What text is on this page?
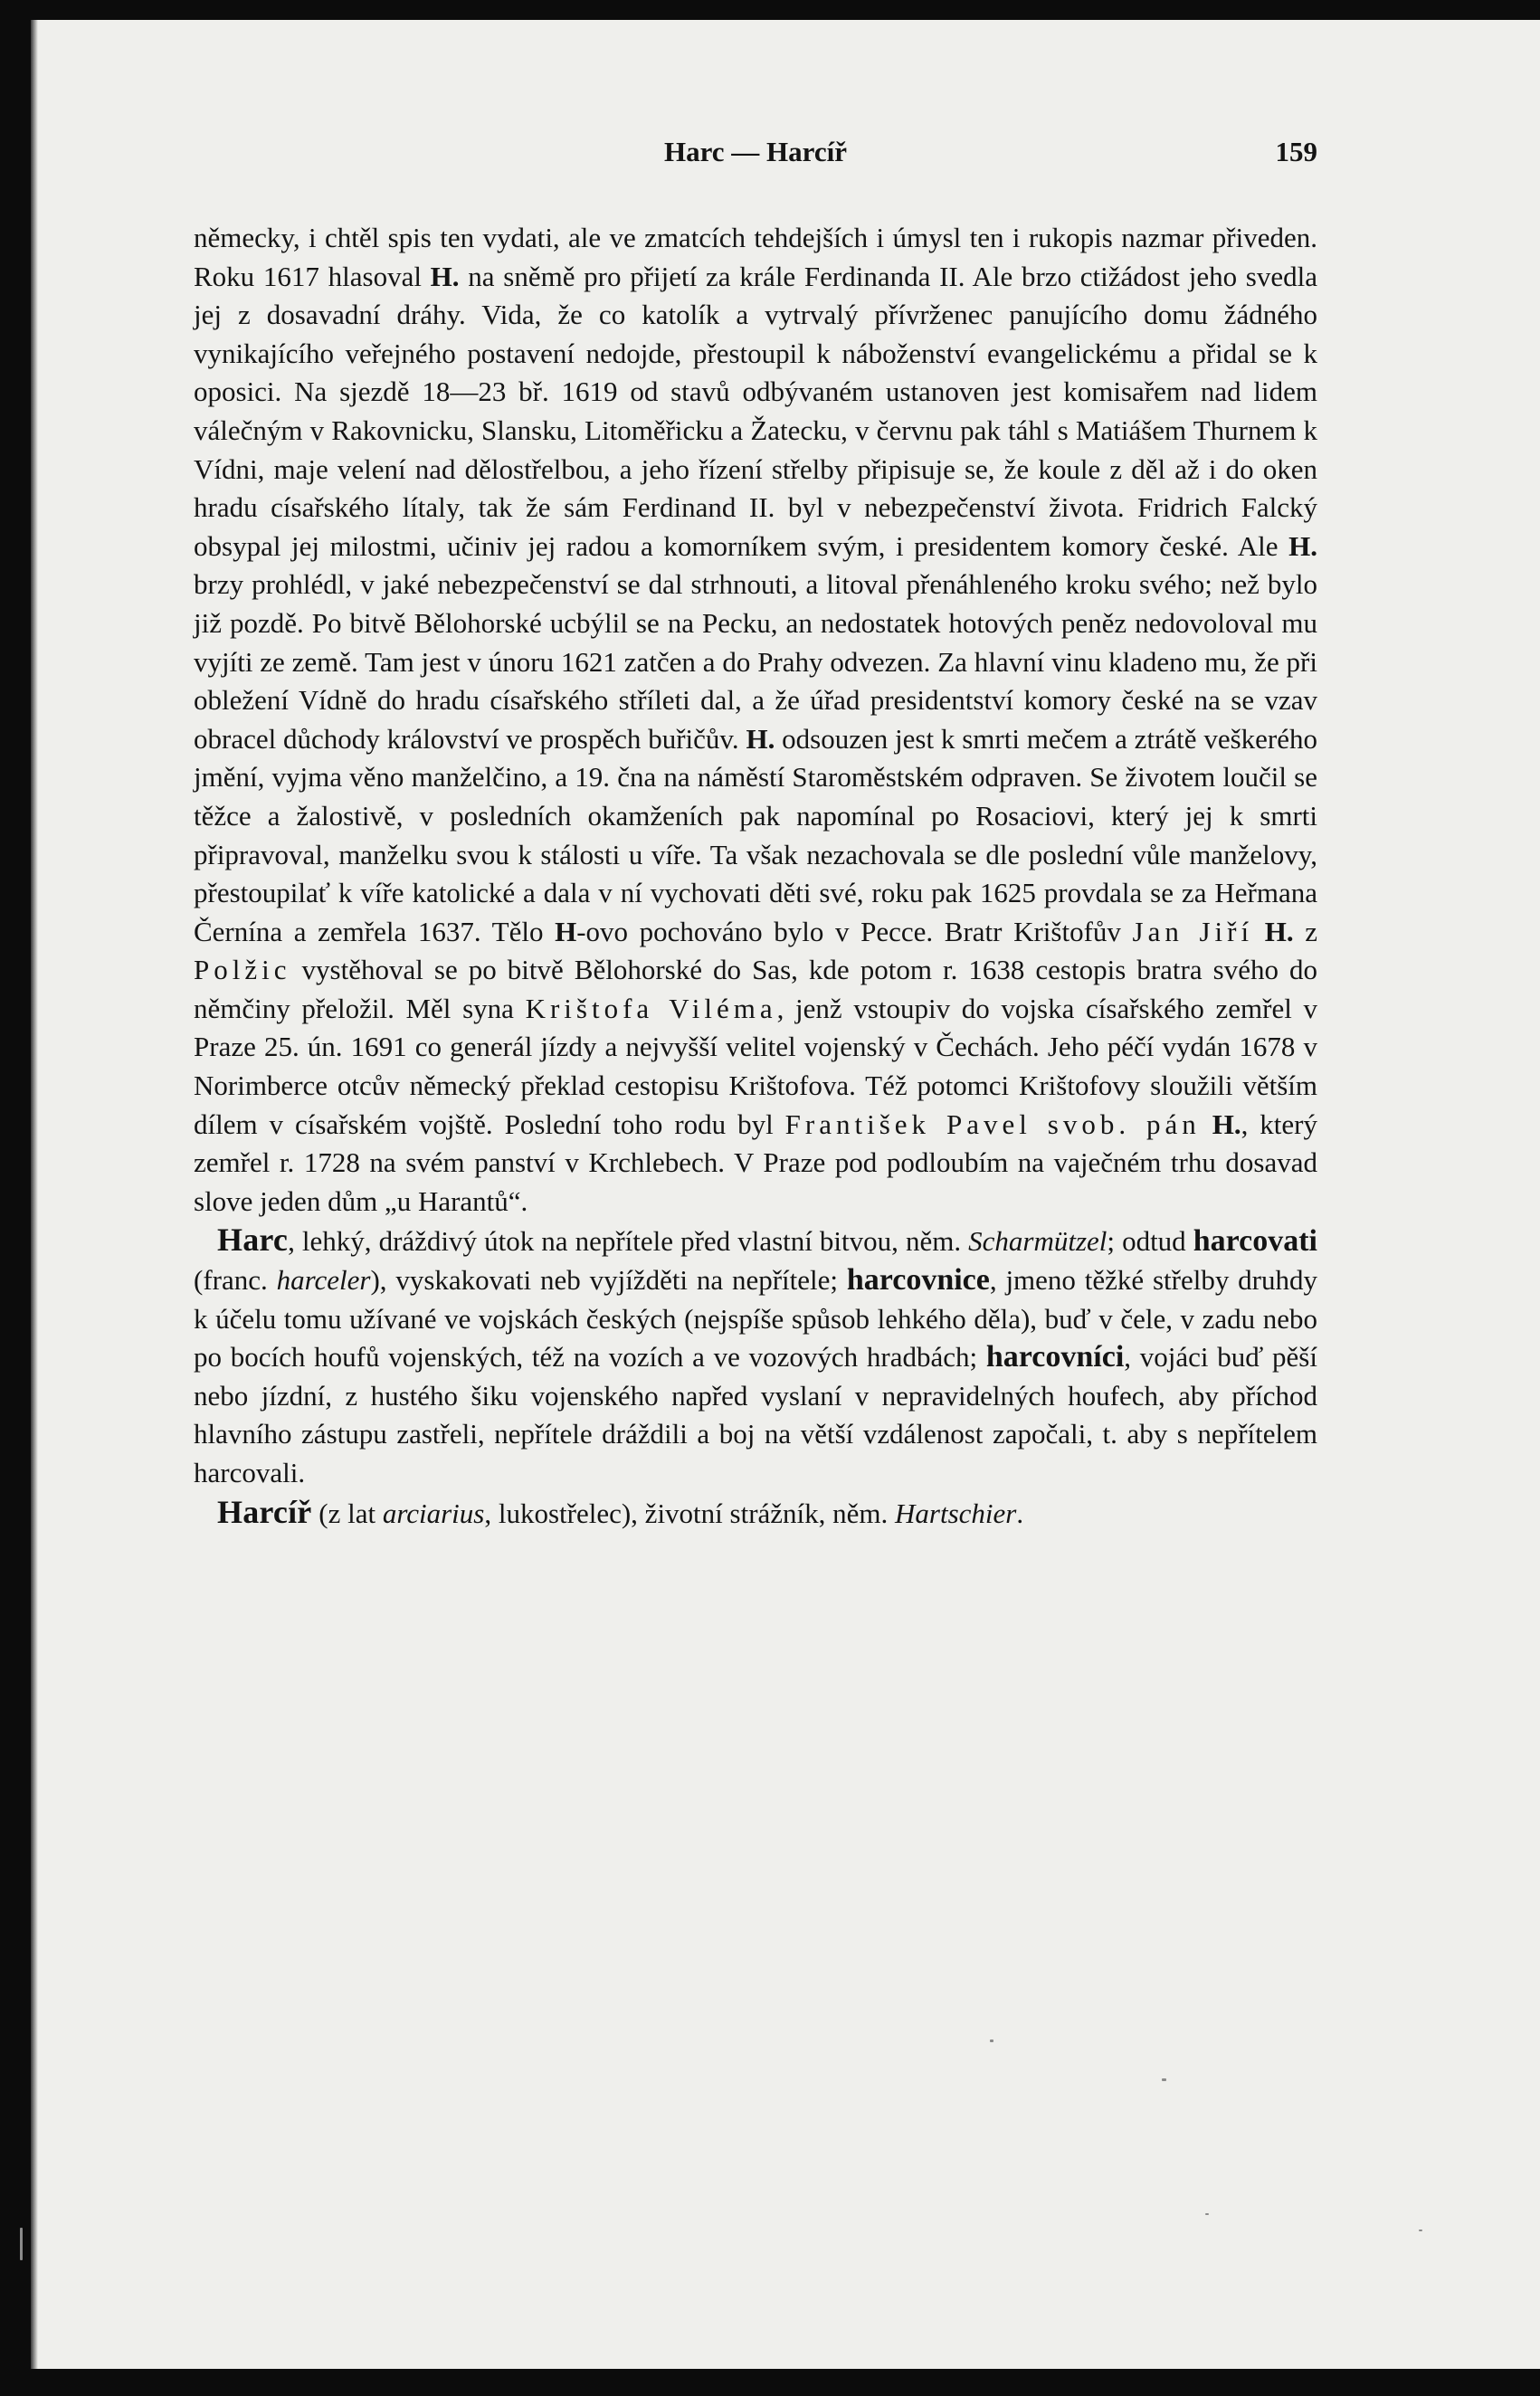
Harc — Harcíř	159

německy, i chtěl spis ten vydati, ale ve zmatcích tehdejších i úmysl ten i rukopis nazmar přiveden. Roku 1617 hlasoval H. na sněmě pro přijetí za krále Ferdinanda II. Ale brzo ctižádost jeho svedla jej z dosavadní dráhy. Vida, že co katolík a vytrvalý přívrženec panujícího domu žádného vynikajícího veřejného postavení nedojde, přestoupil k náboženství evangelickému a přidal se k oposici. Na sjezdě 18—23 bř. 1619 od stavů odbývaném ustanoven jest komisařem nad lidem válečným v Rakovnicku, Slansku, Litoměřicku a Žatecku, v červnu pak táhl s Matiášem Thurnem k Vídni, maje velení nad dělostřelbou, a jeho řízení střelby připisuje se, že koule z děl až i do oken hradu císařského lítaly, tak že sám Ferdinand II. byl v nebezpečenství života. Fridrich Falcký obsypal jej milostmi, učiniv jej radou a komorníkem svým, i presidentem komory české. Ale H. brzy prohlédl, v jaké nebezpečenství se dal strhnouti, a litoval přenáhleného kroku svého; než bylo již pozdě. Po bitvě Bělohorské ucbýlil se na Pecku, an nedostatek hotových peněz nedovoloval mu vyjíti ze země. Tam jest v únoru 1621 zatčen a do Prahy odvezen. Za hlavní vinu kladeno mu, že při obležení Vídně do hradu císařského stříleti dal, a že úřad presidentství komory české na se vzav obracel důchody království ve prospěch buřičův. H. odsouzen jest k smrti mečem a ztrátě veškerého jmění, vyjma věno manželčino, a 19. čna na náměstí Staroměstském odpraven. Se životem loučil se těžce a žalostivě, v posledních okamženích pak napomínal po Rosaciovi, který jej k smrti připravoval, manželku svou k stálosti u víře. Ta však nezachovala se dle poslední vůle manželovy, přestoupilať k víře katolické a dala v ní vychovati děti své, roku pak 1625 provdala se za Heřmana Černína a zemřela 1637. Tělo H-ovo pochováno bylo v Pecce. Bratr Krištofův Jan Jiří H. z Polžic vystěhoval se po bitvě Bělohorské do Sas, kde potom r. 1638 cestopis bratra svého do němčiny přeložil. Měl syna Krištofa Viléma, jenž vstoupiv do vojska císařského zemřel v Praze 25. ún. 1691 co generál jízdy a nejvyšší velitel vojenský v Čechách. Jeho péčí vydán 1678 v Norimberce otcův německý překlad cestopisu Krištofova. Též potomci Krištofovy sloužili větším dílem v císařském vojště. Poslední toho rodu byl František Pavel svob. pán H., který zemřel r. 1728 na svém panství v Krchlebech. V Praze pod podloubím na vaječném trhu dosavad slove jeden dům „u Harantů“.

Harc, lehký, dráždivý útok na nepřítele před vlastní bitvou, něm. Scharmützel; odtud harcovati (franc. harceler), vyskakovati neb vyjížděti na nepřítele; harcovnice, jmeno těžké střelby druhdy k účelu tomu užívané ve vojskách českých (nejspíše spůsob lehkého děla), buď v čele, v zadu nebo po bocích houfů vojenských, též na vozích a ve vozových hradbách; harcovníci, vojáci buď pěší nebo jízdní, z hustého šiku vojenského napřed vyslaní v nepravidelných houfech, aby příchod hlavního zástupu zastřeli, nepřítele dráždili a boj na větší vzdálenost započali, t. aby s nepřítelem harcovali.

Harcíř (z lat arciarius, lukostřelec), životní strážník, něm. Hartschier.
